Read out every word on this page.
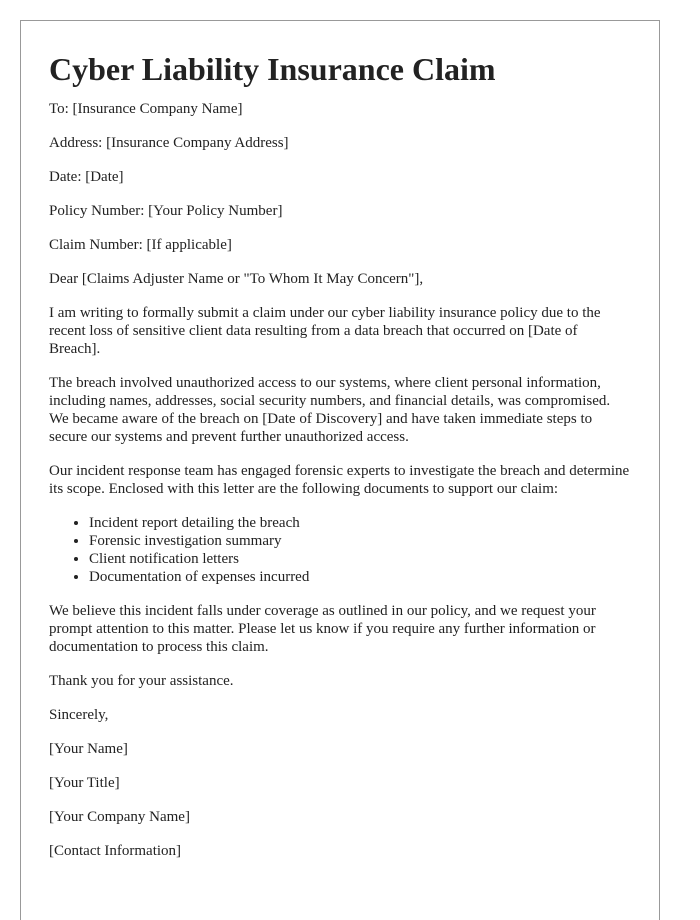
Cyber Liability Insurance Claim

To: [Insurance Company Name]

Address: [Insurance Company Address]

Date: [Date]

Policy Number: [Your Policy Number]

Claim Number: [If applicable]

Dear [Claims Adjuster Name or "To Whom It May Concern"],

I am writing to formally submit a claim under our cyber liability insurance policy due to the recent loss of sensitive client data resulting from a data breach that occurred on [Date of Breach].

The breach involved unauthorized access to our systems, where client personal information, including names, addresses, social security numbers, and financial details, was compromised. We became aware of the breach on [Date of Discovery] and have taken immediate steps to secure our systems and prevent further unauthorized access.

Our incident response team has engaged forensic experts to investigate the breach and determine its scope. Enclosed with this letter are the following documents to support our claim:

• Incident report detailing the breach
• Forensic investigation summary
• Client notification letters
• Documentation of expenses incurred

We believe this incident falls under coverage as outlined in our policy, and we request your prompt attention to this matter. Please let us know if you require any further information or documentation to process this claim.

Thank you for your assistance.

Sincerely,

[Your Name]

[Your Title]

[Your Company Name]

[Contact Information]
